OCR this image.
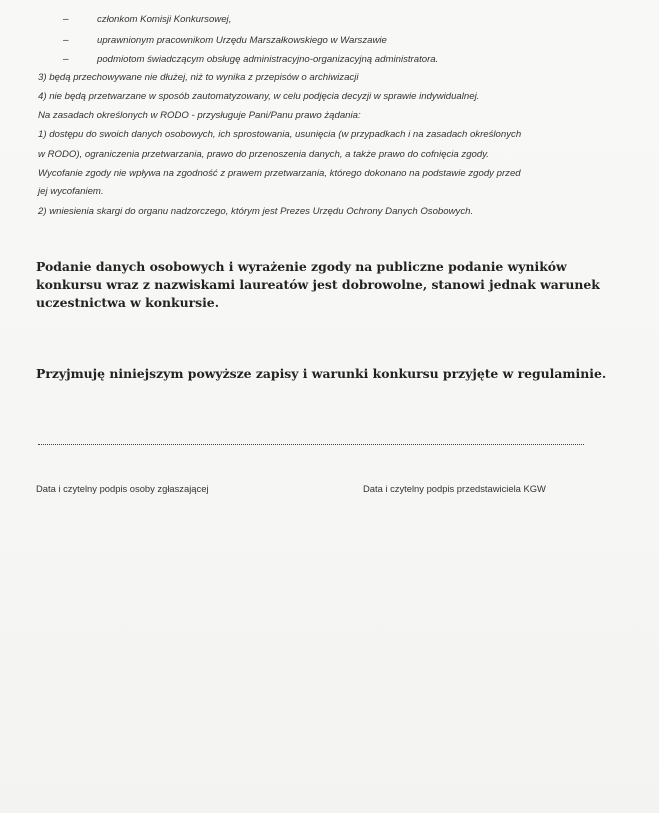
–	członkom Komisji Konkursowej,
–	uprawnionym pracownikom Urzędu Marszałkowskiego w Warszawie
–	podmiotom świadczącym obsługę administracyjno-organizacyjną administratora.
3) będą przechowywane nie dłużej, niż to wynika z przepisów o archiwizacji
4) nie będą przetwarzane w sposób zautomatyzowany, w celu podjęcia decyzji w sprawie indywidualnej.
Na zasadach określonych w RODO - przysługuje Pani/Panu prawo żądania:
1) dostępu do swoich danych osobowych, ich sprostowania, usunięcia (w przypadkach i na zasadach określonych
w RODO), ograniczenia przetwarzania, prawo do przenoszenia danych, a także prawo do cofnięcia zgody.
Wycofanie zgody nie wpływa na zgodność z prawem przetwarzania, którego dokonano na podstawie zgody przed
jej wycofaniem.
2) wniesienia skargi do organu nadzorczego, którym jest Prezes Urzędu Ochrony Danych Osobowych.
Podanie danych osobowych i wyrażenie zgody na publiczne podanie wyników
konkursu wraz z nazwiskami laureatów jest dobrowolne, stanowi jednak warunek
uczestnictwa w konkursie.
Przyjmuję niniejszym powyższe zapisy i warunki konkursu przyjęte w regulaminie.
Data i czytelny podpis osoby zgłaszającej	Data i czytelny podpis przedstawiciela KGW
